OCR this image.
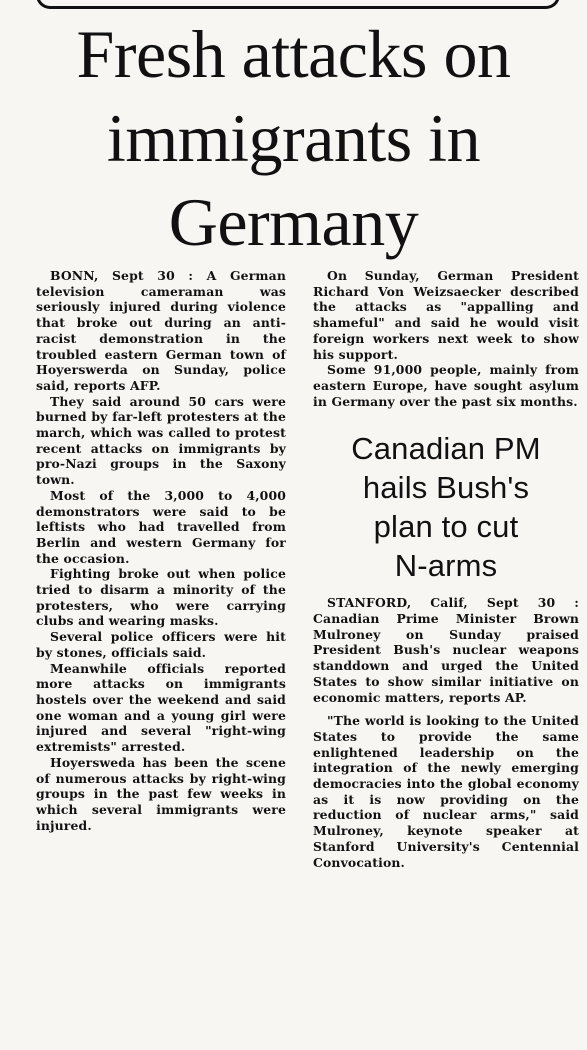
Fresh attacks on
immigrants in
Germany

BONN, Sept 30 : A German television cameraman was seriously injured during violence that broke out during an anti-racist demonstration in the troubled eastern German town of Hoyerswerda on Sunday, police said, reports AFP.

They said around 50 cars were burned by far-left protesters at the march, which was called to protest recent attacks on immigrants by pro-Nazi groups in the Saxony town.

Most of the 3,000 to 4,000 demonstrators were said to be leftists who had travelled from Berlin and western Germany for the occasion.

Fighting broke out when police tried to disarm a minority of the protesters, who were carrying clubs and wearing masks.

Several police officers were hit by stones, officials said.

Meanwhile officials reported more attacks on immigrants hostels over the weekend and said one woman and a young girl were injured and several "right-wing extremists" arrested.

Hoyersweda has been the scene of numerous attacks by right-wing groups in the past few weeks in which several immigrants were injured.

On Sunday, German President Richard Von Weizsaecker described the attacks as "appalling and shameful" and said he would visit foreign workers next week to show his support.

Some 91,000 people, mainly from eastern Europe, have sought asylum in Germany over the past six months.

Canadian PM
hails Bush's
plan to cut
N-arms

STANFORD, Calif, Sept 30 : Canadian Prime Minister Brown Mulroney on Sunday praised President Bush's nuclear weapons standdown and urged the United States to show similar initiative on economic matters, reports AP.

"The world is looking to the United States to provide the same enlightened leadership on the integration of the newly emerging democracies into the global economy as it is now providing on the reduction of nuclear arms," said Mulroney, keynote speaker at Stanford University's Centennial Convocation.
